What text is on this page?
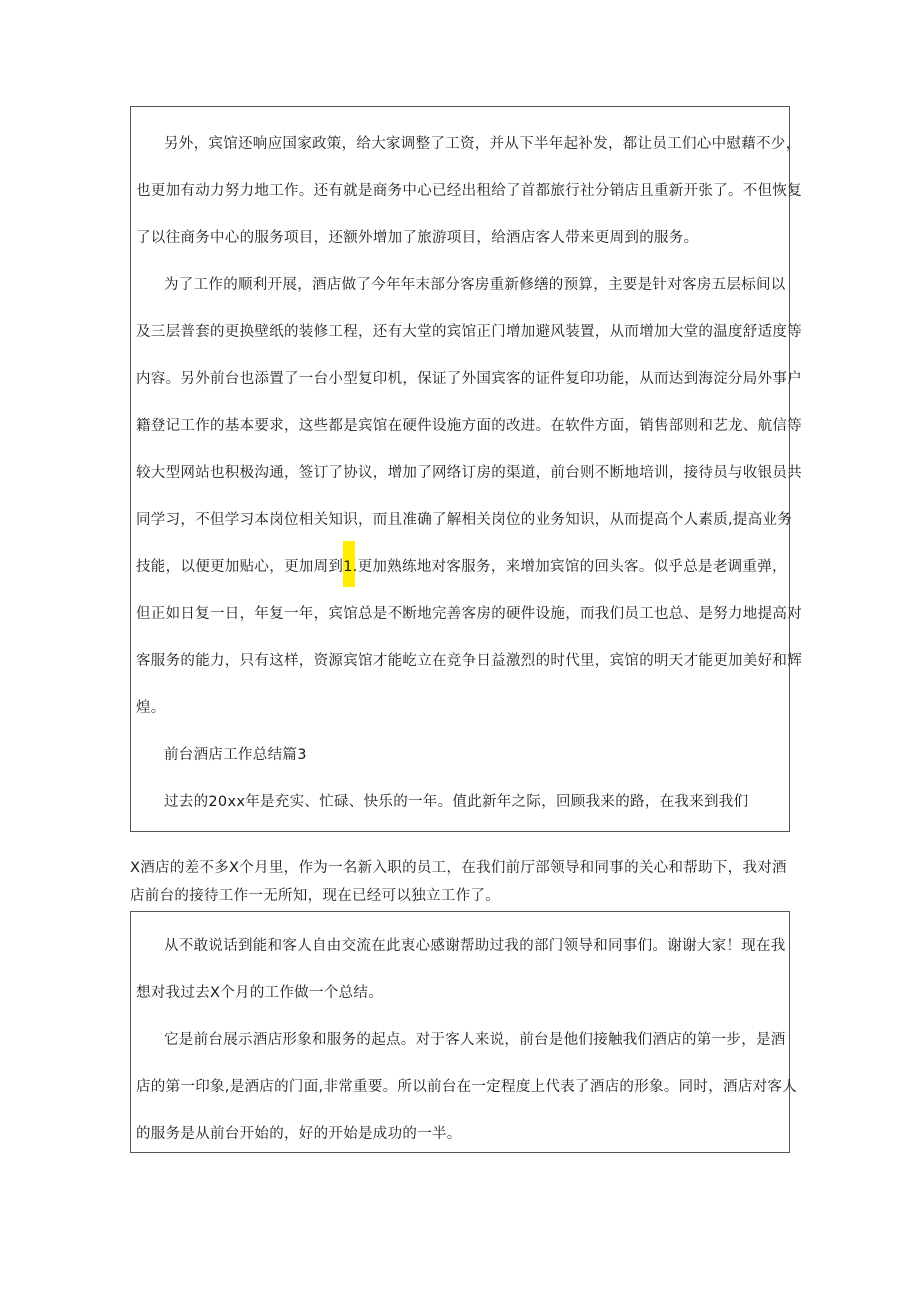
另外，宾馆还响应国家政策，给大家调整了工资，并从下半年起补发，都让员工们心中慰藉不少，
也更加有动力努力地工作。还有就是商务中心已经出租给了首都旅行社分销店且重新开张了。不但恢复
了以往商务中心的服务项目，还额外增加了旅游项目，给酒店客人带来更周到的服务。
为了工作的顺利开展，酒店做了今年年末部分客房重新修缮的预算，主要是针对客房五层标间以
及三层普套的更换壁纸的装修工程，还有大堂的宾馆正门增加避风装置，从而增加大堂的温度舒适度等
内容。另外前台也添置了一台小型复印机，保证了外国宾客的证件复印功能，从而达到海淀分局外事户
籍登记工作的基本要求，这些都是宾馆在硬件设施方面的改进。在软件方面，销售部则和艺龙、航信等
较大型网站也积极沟通，签订了协议，增加了网络订房的渠道，前台则不断地培训，接待员与收银员共
同学习，不但学习本岗位相关知识，而且准确了解相关岗位的业务知识，从而提高个人素质,提高业务
技能，以便更加贴心，更加周到1.更加熟练地对客服务，来增加宾馆的回头客。似乎总是老调重弹，
但正如日复一日，年复一年，宾馆总是不断地完善客房的硬件设施，而我们员工也总、是努力地提高对
客服务的能力，只有这样，资源宾馆才能屹立在竞争日益激烈的时代里，宾馆的明天才能更加美好和辉
煌。
前台酒店工作总结篇3
过去的20xx年是充实、忙碌、快乐的一年。值此新年之际，回顾我来的路，在我来到我们
X酒店的差不多X个月里，作为一名新入职的员工，在我们前厅部领导和同事的关心和帮助下，我对酒
店前台的接待工作一无所知，现在已经可以独立工作了。
从不敢说话到能和客人自由交流在此衷心感谢帮助过我的部门领导和同事们。谢谢大家！现在我
想对我过去X个月的工作做一个总结。
它是前台展示酒店形象和服务的起点。对于客人来说，前台是他们接触我们酒店的第一步，是酒
店的第一印象,是酒店的门面,非常重要。所以前台在一定程度上代表了酒店的形象。同时，酒店对客人
的服务是从前台开始的，好的开始是成功的一半。
